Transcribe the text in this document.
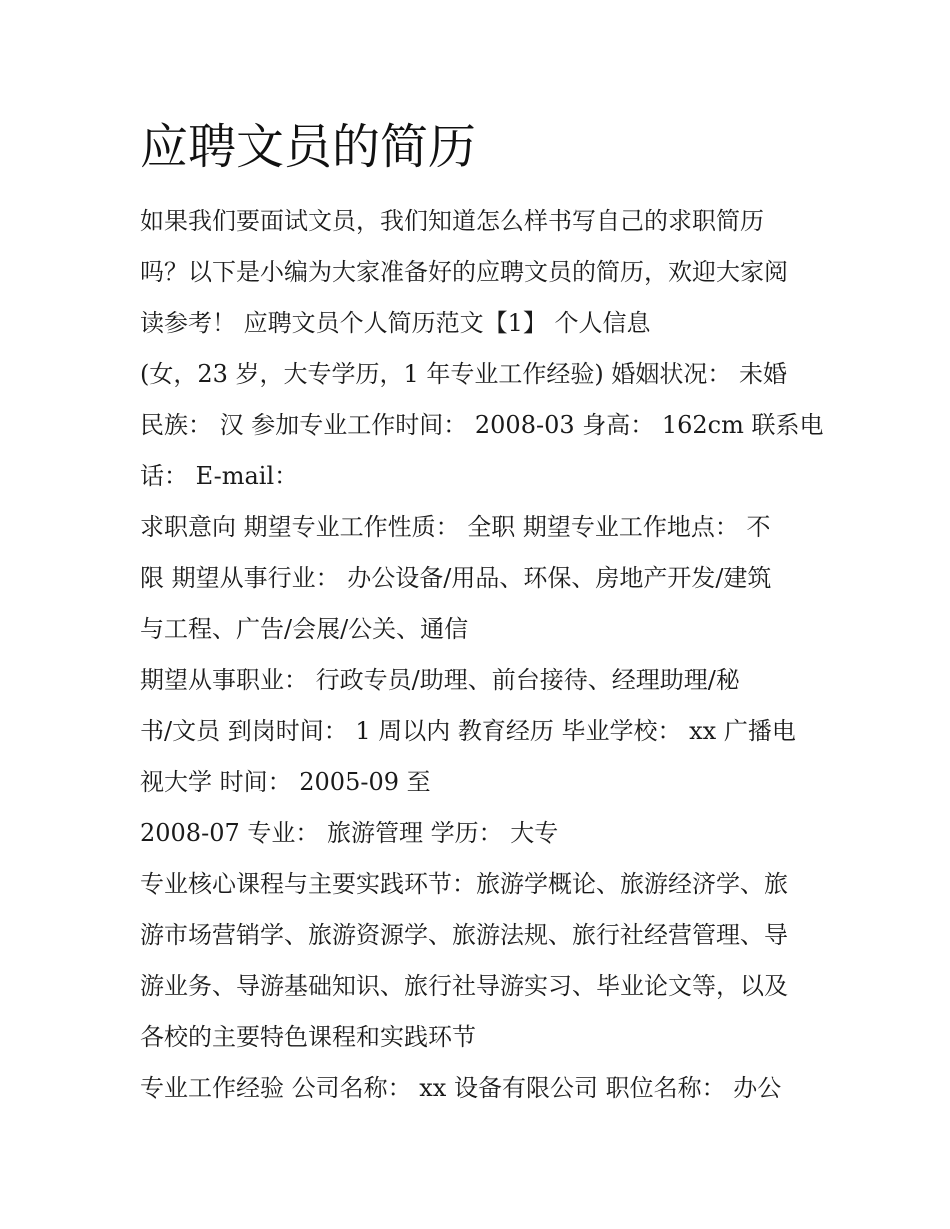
应聘文员的简历

如果我们要面试文员，我们知道怎么样书写自己的求职简历

吗？以下是小编为大家准备好的应聘文员的简历，欢迎大家阅

读参考！ 应聘文员个人简历范文【1】 个人信息

(女，23 岁，大专学历，1 年专业工作经验) 婚姻状况： 未婚

民族： 汉 参加专业工作时间： 2008-03 身高： 162cm 联系电

话： E-mail：

求职意向 期望专业工作性质： 全职 期望专业工作地点： 不

限 期望从事行业： 办公设备/用品、环保、房地产开发/建筑

与工程、广告/会展/公关、通信

期望从事职业： 行政专员/助理、前台接待、经理助理/秘

书/文员 到岗时间： 1 周以内 教育经历 毕业学校： xx 广播电

视大学 时间： 2005-09 至

2008-07 专业： 旅游管理 学历： 大专

专业核心课程与主要实践环节：旅游学概论、旅游经济学、旅

游市场营销学、旅游资源学、旅游法规、旅行社经营管理、导

游业务、导游基础知识、旅行社导游实习、毕业论文等，以及

各校的主要特色课程和实践环节

专业工作经验 公司名称： xx 设备有限公司 职位名称： 办公
